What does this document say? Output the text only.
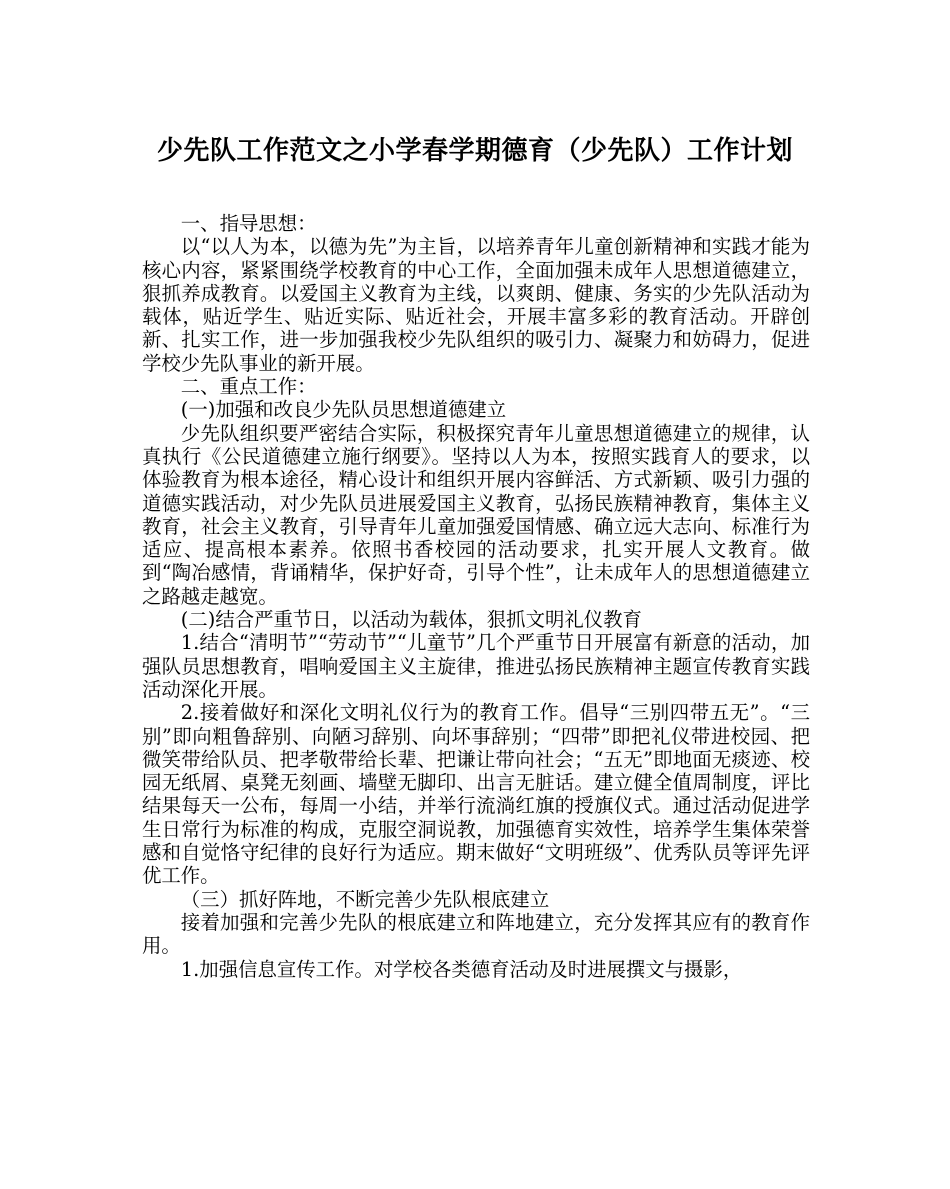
少先队工作范文之小学春学期德育（少先队）工作计划

一、指导思想：

以“以人为本，以德为先”为主旨，以培养青年儿童创新精神和实践才能为核心内容，紧紧围绕学校教育的中心工作，全面加强未成年人思想道德建立，狠抓养成教育。以爱国主义教育为主线，以爽朗、健康、务实的少先队活动为载体，贴近学生、贴近实际、贴近社会，开展丰富多彩的教育活动。开辟创新、扎实工作，进一步加强我校少先队组织的吸引力、凝聚力和妨碍力，促进学校少先队事业的新开展。

二、重点工作：

(一)加强和改良少先队员思想道德建立

少先队组织要严密结合实际，积极探究青年儿童思想道德建立的规律，认真执行《公民道德建立施行纲要》。坚持以人为本，按照实践育人的要求，以体验教育为根本途径，精心设计和组织开展内容鲜活、方式新颖、吸引力强的道德实践活动，对少先队员进展爱国主义教育，弘扬民族精神教育，集体主义教育，社会主义教育，引导青年儿童加强爱国情感、确立远大志向、标准行为适应、提高根本素养。依照书香校园的活动要求，扎实开展人文教育。做到“陶冶感情，背诵精华，保护好奇，引导个性”，让未成年人的思想道德建立之路越走越宽。

(二)结合严重节日，以活动为载体，狠抓文明礼仪教育

1.结合“清明节”“劳动节”“儿童节”几个严重节日开展富有新意的活动，加强队员思想教育，唱响爱国主义主旋律，推进弘扬民族精神主题宣传教育实践活动深化开展。

2.接着做好和深化文明礼仪行为的教育工作。倡导“三别四带五无”。“三别”即向粗鲁辞别、向陋习辞别、向坏事辞别；“四带”即把礼仪带进校园、把微笑带给队员、把孝敬带给长辈、把谦让带向社会；“五无”即地面无痰迹、校园无纸屑、桌凳无刻画、墙壁无脚印、出言无脏话。建立健全值周制度，评比结果每天一公布，每周一小结，并举行流淌红旗的授旗仪式。通过活动促进学生日常行为标准的构成，克服空洞说教，加强德育实效性，培养学生集体荣誉感和自觉恪守纪律的良好行为适应。期末做好“文明班级”、优秀队员等评先评优工作。

（三）抓好阵地，不断完善少先队根底建立

接着加强和完善少先队的根底建立和阵地建立，充分发挥其应有的教育作用。

1.加强信息宣传工作。对学校各类德育活动及时进展撰文与摄影，
